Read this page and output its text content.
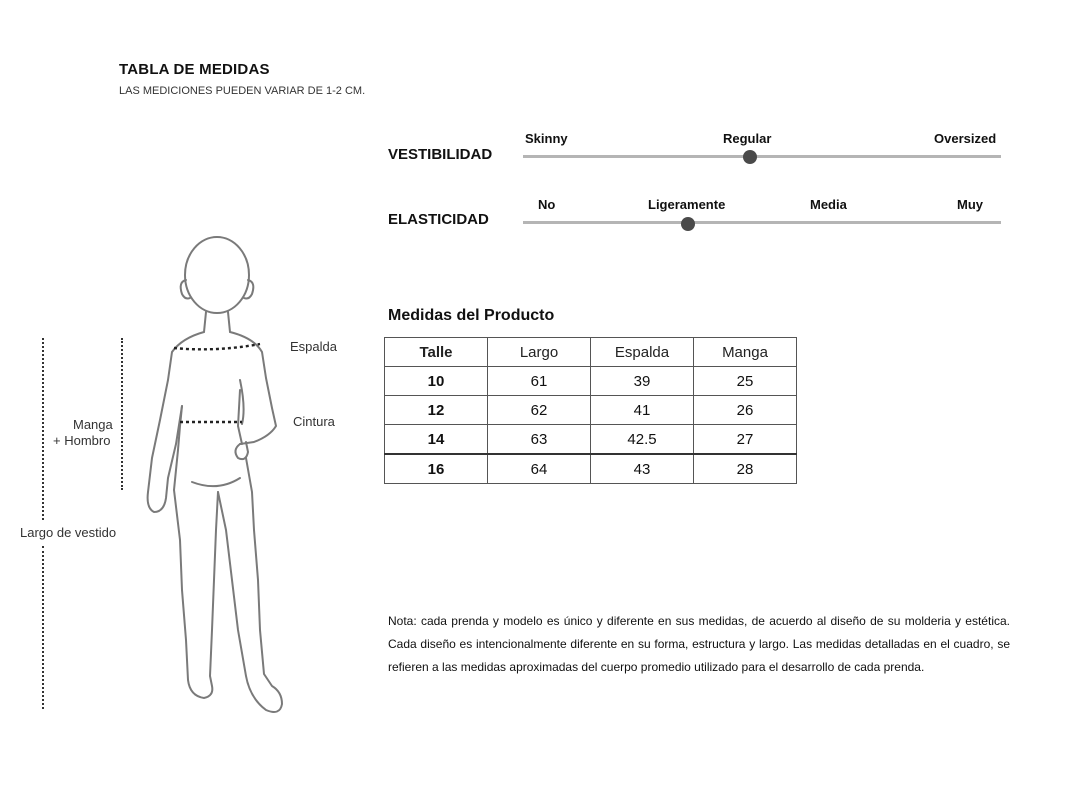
TABLA DE MEDIDAS
LAS MEDICIONES PUEDEN VARIAR DE 1-2 CM.
VESTIBILIDAD
Skinny	Regular	Oversized
ELASTICIDAD
No	Ligeramente	Media	Muy
Medidas del Producto
Talle	Largo	Espalda	Manga
10	61	39	25
12	62	41	26
14	63	42.5	27
16	64	43	28
Nota: cada prenda y modelo es único y diferente en sus medidas, de acuerdo al diseño de su molderia y estética. Cada diseño es intencionalmente diferente en su forma, estructura y largo. Las medidas detalladas en el cuadro, se refieren a las medidas aproximadas del cuerpo promedio utilizado para el desarrollo de cada prenda.
Manga
+ Hombro
Largo de vestido
Espalda
Cintura
